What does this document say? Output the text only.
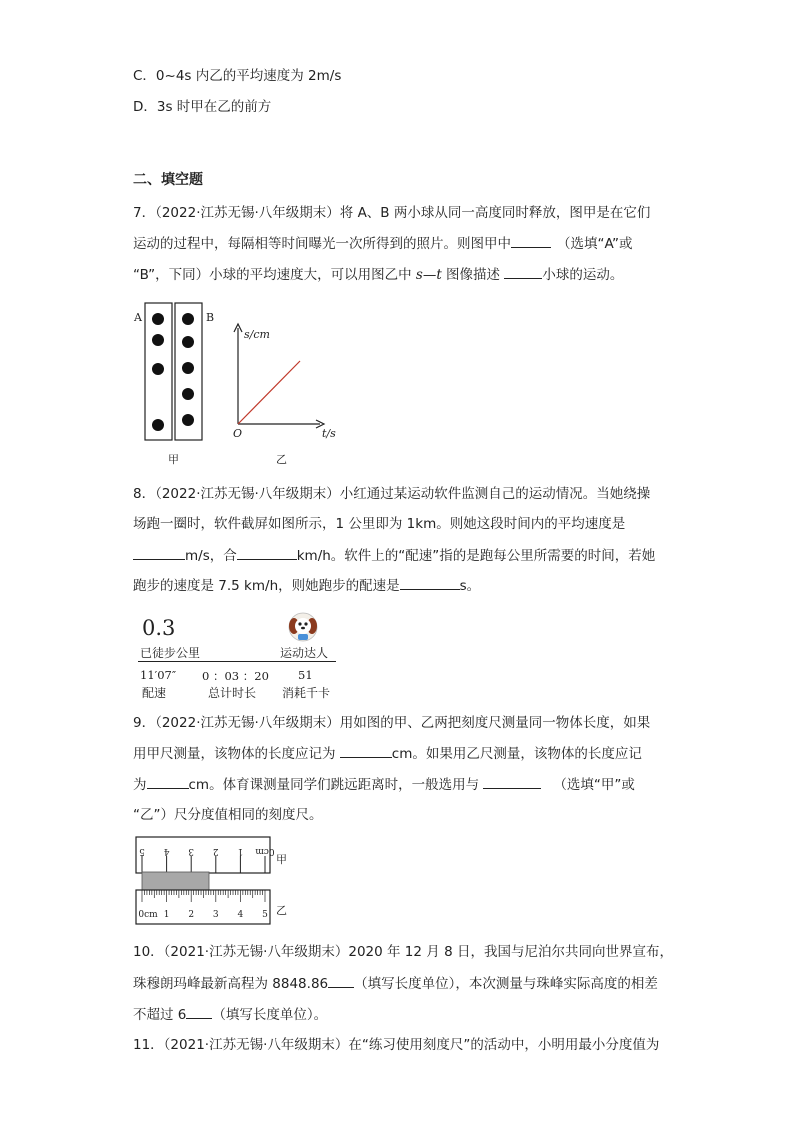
C．0~4s 内乙的平均速度为 2m/s
D．3s 时甲在乙的前方
二、填空题
7．（2022·江苏无锡·八年级期末）将 A、B 两小球从同一高度同时释放，图甲是在它们
运动的过程中，每隔相等时间曝光一次所得到的照片。则图甲中	（选填“A”或
“B”，下同）小球的平均速度大，可以用图乙中 s—t 图像描述	小球的运动。
A	B
s/cm
t/s
O
甲	乙
8．（2022·江苏无锡·八年级期末）小红通过某运动软件监测自己的运动情况。当她绕操
场跑一圈时，软件截屏如图所示，1 公里即为 1km。则她这段时间内的平均速度是
m/s，合	km/h。软件上的“配速”指的是跑每公里所需要的时间，若她
跑步的速度是 7.5 km/h，则她跑步的配速是	s。
0.3
已徒步公里	运动达人
11′07″
配速
0 ：03 ：20
总计时长
51
消耗千卡
9．（2022·江苏无锡·八年级期末）用如图的甲、乙两把刻度尺测量同一物体长度，如果
用甲尺测量，该物体的长度应记为	cm。如果用乙尺测量，该物体的长度应记
为	cm。体育课测量同学们跳远距离时，一般选用与	（选填“甲”或
“乙”）尺分度值相同的刻度尺。
5 4 3 2 1 0cm
0cm 1 2 3 4 5
甲
乙
10．（2021·江苏无锡·八年级期末）2020 年 12 月 8 日，我国与尼泊尔共同向世界宣布，
珠穆朗玛峰最新高程为 8848.86 （填写长度单位），本次测量与珠峰实际高度的相差
不超过 6 （填写长度单位）。
11．（2021·江苏无锡·八年级期末）在“练习使用刻度尺”的活动中，小明用最小分度值为
